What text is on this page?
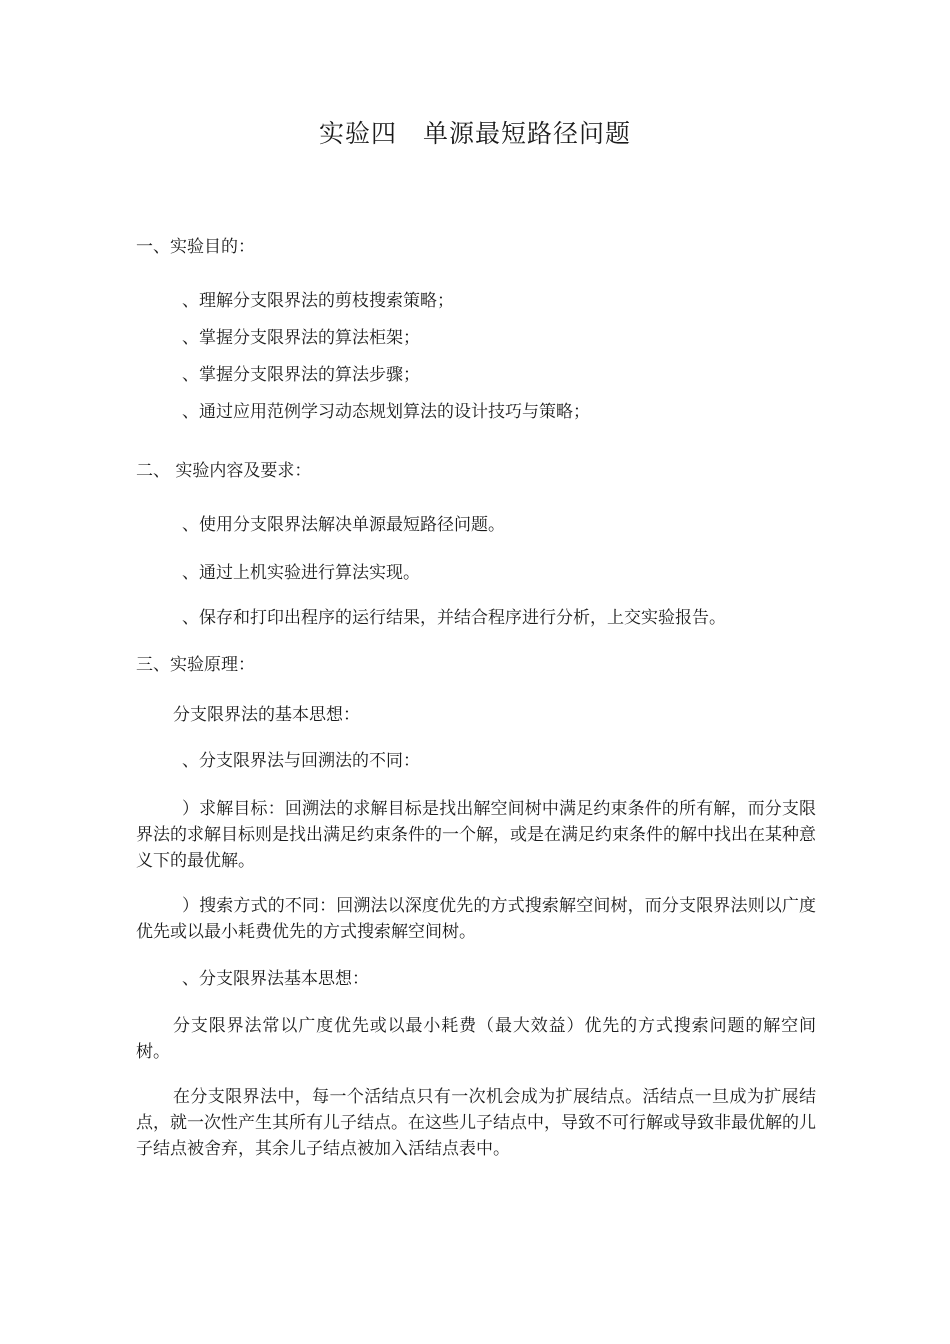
实验四 单源最短路径问题

一、实验目的：

、理解分支限界法的剪枝搜索策略；

、掌握分支限界法的算法柜架；

、掌握分支限界法的算法步骤；

、通过应用范例学习动态规划算法的设计技巧与策略；

二、 实验内容及要求：

、使用分支限界法解决单源最短路径问题。

、通过上机实验进行算法实现。

、保存和打印出程序的运行结果，并结合程序进行分析，上交实验报告。

三、实验原理：

分支限界法的基本思想：

、分支限界法与回溯法的不同：

）求解目标：回溯法的求解目标是找出解空间树中满足约束条件的所有解，而分支限界法的求解目标则是找出满足约束条件的一个解，或是在满足约束条件的解中找出在某种意义下的最优解。

）搜索方式的不同：回溯法以深度优先的方式搜索解空间树，而分支限界法则以广度优先或以最小耗费优先的方式搜索解空间树。

、分支限界法基本思想：

分支限界法常以广度优先或以最小耗费（最大效益）优先的方式搜索问题的解空间树。

在分支限界法中，每一个活结点只有一次机会成为扩展结点。活结点一旦成为扩展结点，就一次性产生其所有儿子结点。在这些儿子结点中，导致不可行解或导致非最优解的儿子结点被舍弃，其余儿子结点被加入活结点表中。
